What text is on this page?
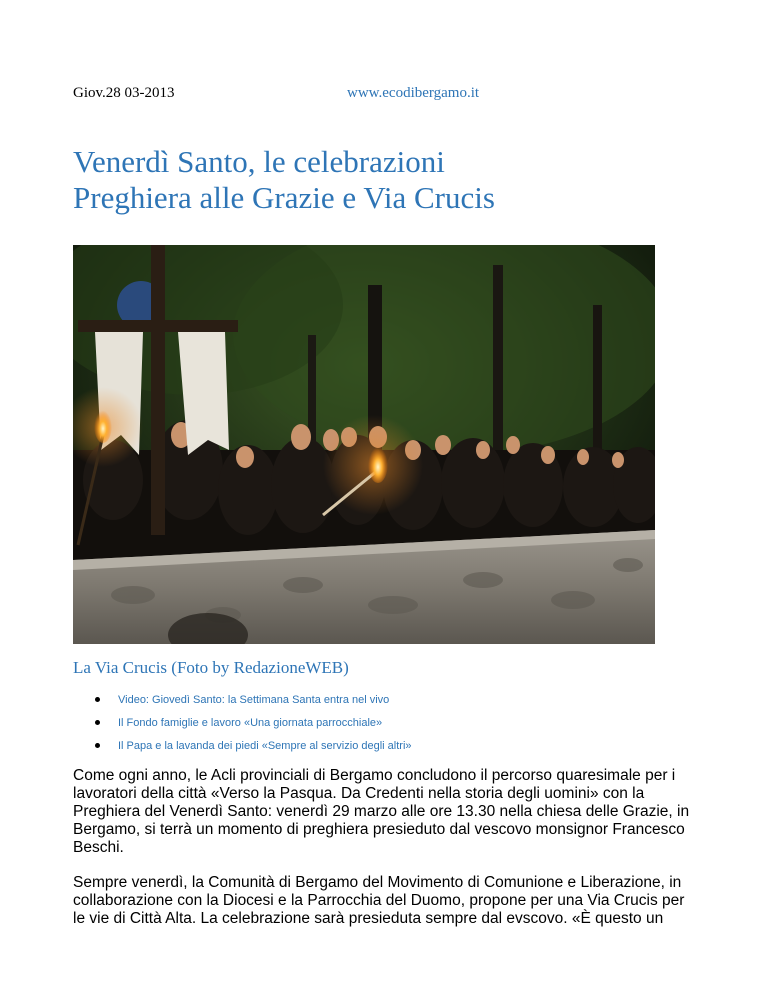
Giov.28 03-2013	www.ecodibergamo.it
Venerdì Santo, le celebrazioni
Preghiera alle Grazie e Via Crucis
La Via Crucis (Foto by RedazioneWEB)
Video: Giovedì Santo: la Settimana Santa entra nel vivo
Il Fondo famiglie e lavoro «Una giornata parrocchiale»
Il Papa e la lavanda dei piedi «Sempre al servizio degli altri»

Come ogni anno, le Acli provinciali di Bergamo concludono il percorso quaresimale per i lavoratori della città «Verso la Pasqua. Da Credenti nella storia degli uomini» con la Preghiera del Venerdì Santo: venerdì 29 marzo alle ore 13.30 nella chiesa delle Grazie, in Bergamo, si terrà un momento di preghiera presieduto dal vescovo monsignor Francesco Beschi.

Sempre venerdì, la Comunità di Bergamo del Movimento di Comunione e Liberazione, in collaborazione con la Diocesi e la Parrocchia del Duomo, propone per una Via Crucis per le vie di Città Alta. La celebrazione sarà presieduta sempre dal evscovo. «È questo un
